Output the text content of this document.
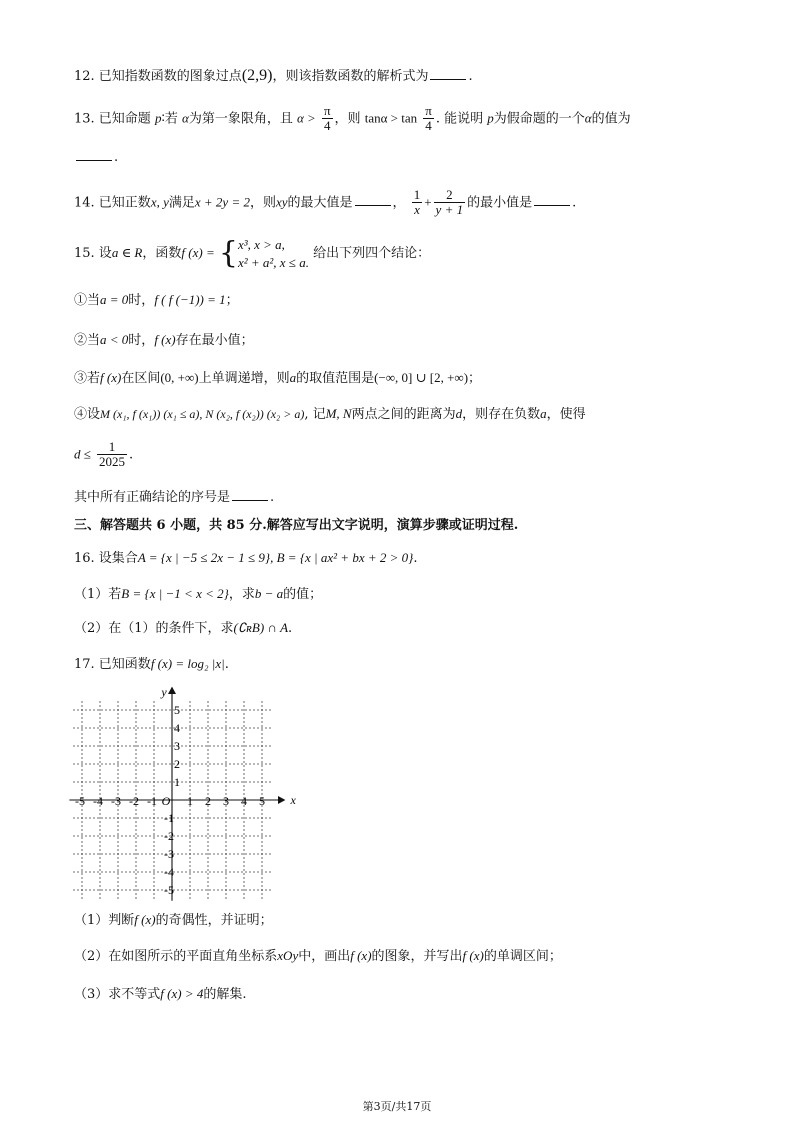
12. 已知指数函数的图象过点(2,9)，则该指数函数的解析式为	.
13. 已知命题 p∶若 α为第一象限角，且 $\alpha > \frac{\pi}{4}$ ，则 $\tan\alpha > \tan \frac{\pi}{4}$ . 能说明 p为假命题的一个α的值为
.
14. 已知正数x, y满足x + 2y = 2，则xy的最大值是	， $\frac{1}{x} + \frac{2}{y + 1}$ 的最小值是	.
15. 设a ∈ R，函数f (x) = { x³, x > a,
x² + a², x ≤ a.
给出下列四个结论：
①当a = 0时，f ( f (−1)) = 1；
②当a < 0时，f (x)存在最小值；
③若f (x)在区间(0, +∞)上单调递增，则a的取值范围是(−∞, 0] ∪ [2, +∞)；
④设M (x₁, f (x₁)) (x₁ ≤ a), N (x₂, f (x₂)) (x₂ > a), 记M, N两点之间的距离为d，则存在负数a，使得
$d \le \frac{1}{2025}$ .
其中所有正确结论的序号是	.
三、解答题共 6 小题，共 85 分.解答应写出文字说明，演算步骤或证明过程.
16. 设集合A = {x | −5 ≤ 2x − 1 ≤ 9}, B = {x | ax² + bx + 2 > 0}.
（1）若B = {x | −1 < x < 2}，求b − a的值；
（2）在（1）的条件下，求(∁ʀB) ∩ A.
17. 已知函数f (x) = log₂ |x|.
-5 -4 -3 -2 -1	1 2 3 4 5
5
4
3
2
1
-1
-2
-3
-4
-5
O	x
y
（1）判断f (x)的奇偶性，并证明；
（2）在如图所示的平面直角坐标系xOy中，画出f (x)的图象，并写出f (x)的单调区间；
（3）求不等式f (x) > 4的解集.
第3页/共17页
